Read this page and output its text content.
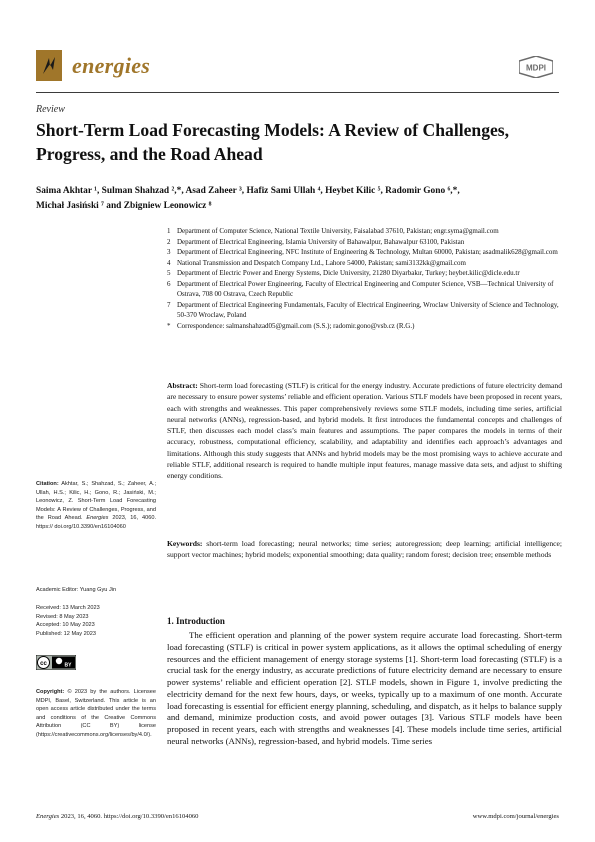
energies	MDPI
Review
Short-Term Load Forecasting Models: A Review of Challenges, Progress, and the Road Ahead
Saima Akhtar ¹, Sulman Shahzad ²,*, Asad Zaheer ³, Hafiz Sami Ullah ⁴, Heybet Kilic ⁵, Radomir Gono ⁶,*,
Michał Jasiński ⁷ and Zbigniew Leonowicz ⁸
1 Department of Computer Science, National Textile University, Faisalabad 37610, Pakistan; engr.syma@gmail.com
2 Department of Electrical Engineering, Islamia University of Bahawalpur, Bahawalpur 63100, Pakistan
3 Department of Electrical Engineering, NFC Institute of Engineering & Technology, Multan 60000, Pakistan; asadmalik628@gmail.com
4 National Transmission and Despatch Company Ltd., Lahore 54000, Pakistan; sami3132kk@gmail.com
5 Department of Electric Power and Energy Systems, Dicle University, 21280 Diyarbakır, Turkey; heybet.kilic@dicle.edu.tr
6 Department of Electrical Power Engineering, Faculty of Electrical Engineering and Computer Science, VSB—Technical University of Ostrava, 708 00 Ostrava, Czech Republic
7 Department of Electrical Engineering Fundamentals, Faculty of Electrical Engineering, Wroclaw University of Science and Technology, 50-370 Wroclaw, Poland
* Correspondence: salmanshahzad05@gmail.com (S.S.); radomir.gono@vsb.cz (R.G.)
Abstract: Short-term load forecasting (STLF) is critical for the energy industry. Accurate predictions of future electricity demand are necessary to ensure power systems’ reliable and efficient operation. Various STLF models have been proposed in recent years, each with strengths and weaknesses. This paper comprehensively reviews some STLF models, including time series, artificial neural networks (ANNs), regression-based, and hybrid models. It first introduces the fundamental concepts and challenges of STLF, then discusses each model class’s main features and assumptions. The paper compares the models in terms of their accuracy, robustness, computational efficiency, scalability, and adaptability and identifies each approach’s advantages and limitations. Although this study suggests that ANNs and hybrid models may be the most promising ways to achieve accurate and reliable STLF, additional research is required to handle multiple input features, manage massive data sets, and adjust to shifting energy conditions.
Keywords: short-term load forecasting; neural networks; time series; autoregression; deep learning; artificial intelligence; support vector machines; hybrid models; exponential smoothing; data quality; random forest; decision tree; ensemble methods
Citation: Akhtar, S.; Shahzad, S.; Zaheer, A.; Ullah, H.S.; Kilic, H.; Gono, R.; Jasiński, M.; Leonowicz, Z. Short-Term Load Forecasting Models: A Review of Challenges, Progress, and the Road Ahead. Energies 2023, 16, 4060. https:// doi.org/10.3390/en16104060
Academic Editor: Yuang Gyu Jin
Received: 13 March 2023
Revised: 8 May 2023
Accepted: 10 May 2023
Published: 12 May 2023
cc	BY
Copyright: © 2023 by the authors. Licensee MDPI, Basel, Switzerland. This article is an open access article distributed under the terms and conditions of the Creative Commons Attribution (CC BY) license (https://creativecommons.org/licenses/by/4.0/).
1. Introduction
The efficient operation and planning of the power system require accurate load forecasting. Short-term load forecasting (STLF) is critical in power system applications, as it allows the optimal scheduling of energy resources and the efficient management of energy storage systems [1]. Short-term load forecasting (STLF) is a crucial task for the energy industry, as accurate predictions of future electricity demand are necessary to ensure power systems’ reliable and efficient operation [2]. STLF models, shown in Figure 1, involve predicting the electricity demand for the next few hours, days, or weeks, typically up to a maximum of one month. Accurate load forecasting is essential for efficient energy planning, scheduling, and dispatch, as it helps to balance supply and demand, minimize production costs, and avoid power outages [3]. Various STLF models have been proposed in recent years, each with strengths and weaknesses [4]. These models include time series, artificial neural networks (ANNs), regression-based, and hybrid models. Time series
Energies 2023, 16, 4060. https://doi.org/10.3390/en16104060	www.mdpi.com/journal/energies
